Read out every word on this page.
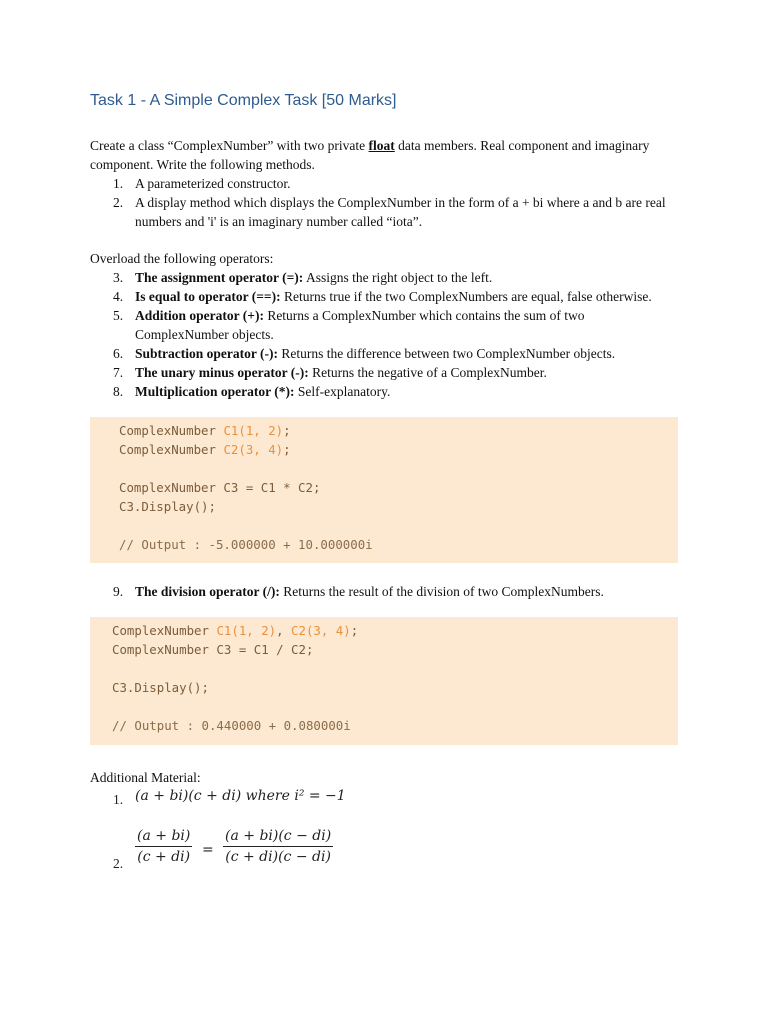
Task 1 - A Simple Complex Task [50 Marks]
Create a class “ComplexNumber” with two private float data members. Real component and imaginary component. Write the following methods.
1. A parameterized constructor.
2. A display method which displays the ComplexNumber in the form of a + bi where a and b are real numbers and 'i' is an imaginary number called “iota”.
Overload the following operators:
3. The assignment operator (=): Assigns the right object to the left.
4. Is equal to operator (==): Returns true if the two ComplexNumbers are equal, false otherwise.
5. Addition operator (+): Returns a ComplexNumber which contains the sum of two ComplexNumber objects.
6. Subtraction operator (-): Returns the difference between two ComplexNumber objects.
7. The unary minus operator (-): Returns the negative of a ComplexNumber.
8. Multiplication operator (*): Self-explanatory.
ComplexNumber C1(1, 2);
ComplexNumber C2(3, 4);
ComplexNumber C3 = C1 * C2;
C3.Display();
// Output : -5.000000 + 10.000000i
9. The division operator (/): Returns the result of the division of two ComplexNumbers.
ComplexNumber C1(1, 2), C2(3, 4);
ComplexNumber C3 = C1 / C2;
C3.Display();
// Output : 0.440000 + 0.080000i
Additional Material:
1. (a + bi)(c + di) where i² = −1
2. $\frac{(a + bi)}{(c + di)} = \frac{(a + bi)(c - di)}{(c + di)(c - di)}$
